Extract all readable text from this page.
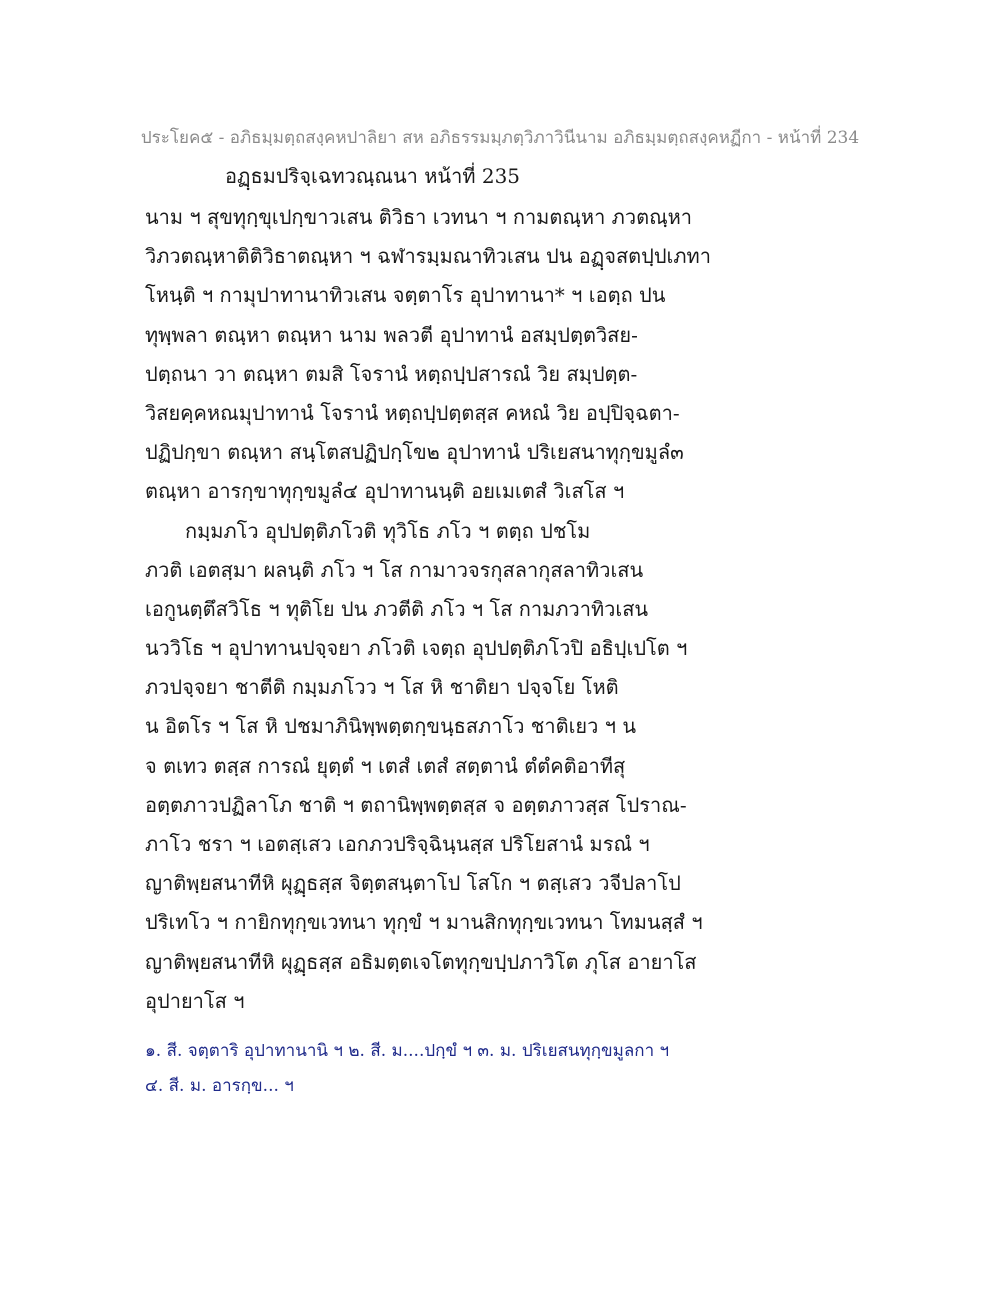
ประโยค๕ - อภิธมฺมตฺถสงฺคหปาลิยา สห อภิธรรมมฺภตฺวิภาวินีนาม อภิธมฺมตฺถสงฺคหฏีกา - หน้าที่ 234
อฏฺธมปริจฺเฉทวณฺณนา หน้าที่ 235
นาม ฯ สุขทุกฺขุเปกฺขาวเสน ติวิธา เวทนา ฯ กามตณฺหา ภวตณฺหา
วิภวตณฺหาติติวิธาตณฺหา ฯ ฉฬารมฺมณาทิวเสน ปน อฏฺจสตปฺปเภทา
โหนฺติ ฯ กามุปาทานาทิวเสน จตฺตาโร อุปาทานา* ฯ เอตฺถ ปน
ทุพฺพลา ตณฺหา ตณฺหา นาม พลวตี อุปาทานํ อสมฺปตฺตวิสย-
ปตฺถนา วา ตณฺหา ตมสิ โจรานํ หตฺถปฺปสารณํ วิย สมฺปตฺต-
วิสยคฺคหณมุปาทานํ โจรานํ หตฺถปฺปตฺตสฺส คหณํ วิย อปฺปิจฺฉตา-
ปฏิปกฺขา ตณฺหา สนฺโตสปฏิปกฺโข๒ อุปาทานํ ปริเยสนาทุกฺขมูลํ๓
ตณฺหา อารกฺขาทุกฺขมูลํ๔ อุปาทานนฺติ อยเมเตสํ วิเสโส ฯ
กมฺมภโว อุปปตฺติภโวติ ทุวิโธ ภโว ฯ ตตฺถ ปชโม
ภวติ เอตสฺมา ผลนฺติ ภโว ฯ โส กามาวจรกุสลากุสลาทิวเสน
เอกูนตฺตึสวิโธ ฯ ทุติโย ปน ภวตีติ ภโว ฯ โส กามภวาทิวเสน
นววิโธ ฯ อุปาทานปจฺจยา ภโวติ เจตฺถ อุปปตฺติภโวปิ อธิปฺเปโต ฯ
ภวปจฺจยา ชาตีติ กมฺมภโวว ฯ โส หิ ชาติยา ปจฺจโย โหติ
น อิตโร ฯ โส หิ ปชมาภินิพฺพตฺตกฺขนฺธสภาโว ชาติเยว ฯ น
จ ตเทว ตสฺส การณํ ยุตฺตํ ฯ เตสํ เตสํ สตฺตานํ ตํตํคติอาทีสุ
อตฺตภาวปฏิลาโภ ชาติ ฯ ตถานิพฺพตฺตสฺส จ อตฺตภาวสฺส โปราณ-
ภาโว ชรา ฯ เอตสฺเสว เอกภวปริจฺฉินฺนสฺส ปริโยสานํ มรณํ ฯ
ญาติพฺยสนาทีหิ ผุฏฺธสฺส จิตฺตสนฺตาโป โสโก ฯ ตสฺเสว วจีปลาโป
ปริเทโว ฯ กายิกทุกฺขเวทนา ทุกฺขํ ฯ มานสิกทุกฺขเวทนา โทมนสฺสํ ฯ
ญาติพฺยสนาทีหิ ผุฏฺธสฺส อธิมตฺตเจโตทุกฺขปฺปภาวิโต ภุโส อายาโส
อุปายาโส ฯ
๑. สี. จตฺตาริ อุปาทานานิ ฯ ๒. สี. ม....ปกฺขํ ฯ ๓. ม. ปริเยสนทุกฺขมูลกา ฯ
๔. สี. ม. อารกฺข... ฯ
